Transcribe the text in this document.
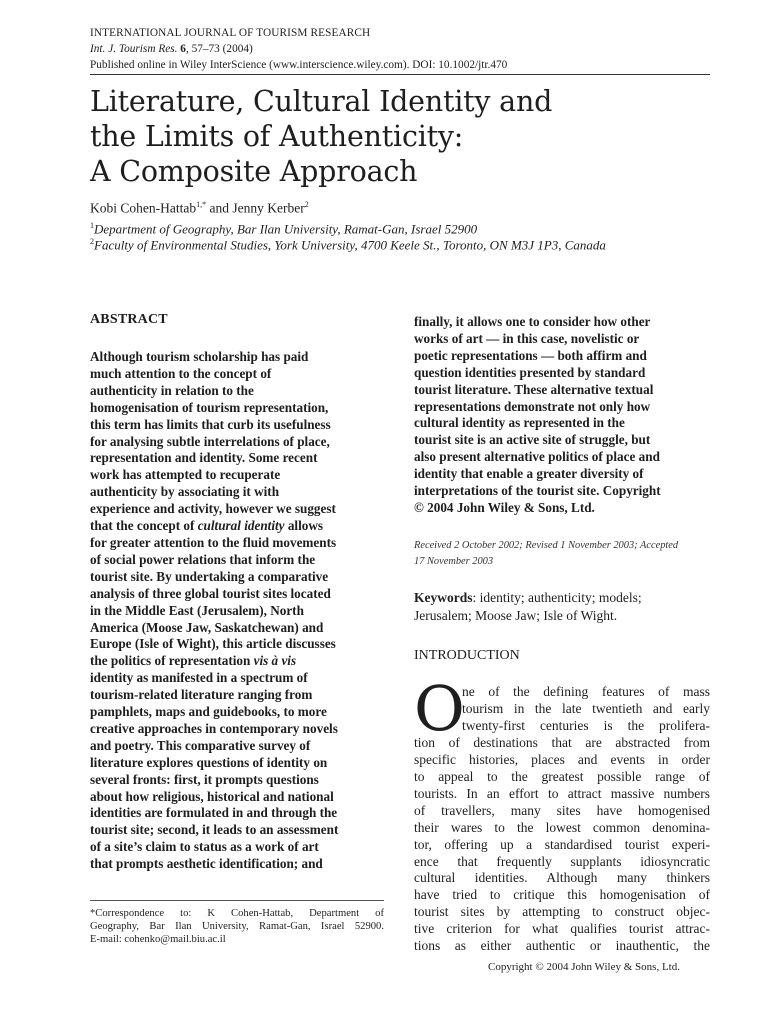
INTERNATIONAL JOURNAL OF TOURISM RESEARCH
Int. J. Tourism Res. 6, 57–73 (2004)
Published online in Wiley InterScience (www.interscience.wiley.com). DOI: 10.1002/jtr.470
Literature, Cultural Identity and
the Limits of Authenticity:
A Composite Approach
Kobi Cohen-Hattab$^{1,*}$ and Jenny Kerber$^2$
$^1$Department of Geography, Bar Ilan University, Ramat-Gan, Israel 52900
$^2$Faculty of Environmental Studies, York University, 4700 Keele St., Toronto, ON M3J 1P3, Canada
ABSTRACT
Although tourism scholarship has paid
much attention to the concept of
authenticity in relation to the
homogenisation of tourism representation,
this term has limits that curb its usefulness
for analysing subtle interrelations of place,
representation and identity. Some recent
work has attempted to recuperate
authenticity by associating it with
experience and activity, however we suggest
that the concept of cultural identity allows
for greater attention to the fluid movements
of social power relations that inform the
tourist site. By undertaking a comparative
analysis of three global tourist sites located
in the Middle East (Jerusalem), North
America (Moose Jaw, Saskatchewan) and
Europe (Isle of Wight), this article discusses
the politics of representation vis à vis
identity as manifested in a spectrum of
tourism-related literature ranging from
pamphlets, maps and guidebooks, to more
creative approaches in contemporary novels
and poetry. This comparative survey of
literature explores questions of identity on
several fronts: first, it prompts questions
about how religious, historical and national
identities are formulated in and through the
tourist site; second, it leads to an assessment
of a site’s claim to status as a work of art
that prompts aesthetic identification; and
finally, it allows one to consider how other
works of art — in this case, novelistic or
poetic representations — both affirm and
question identities presented by standard
tourist literature. These alternative textual
representations demonstrate not only how
cultural identity as represented in the
tourist site is an active site of struggle, but
also present alternative politics of place and
identity that enable a greater diversity of
interpretations of the tourist site. Copyright
© 2004 John Wiley & Sons, Ltd.
Received 2 October 2002; Revised 1 November 2003; Accepted
17 November 2003
Keywords: identity; authenticity; models;
Jerusalem; Moose Jaw; Isle of Wight.
INTRODUCTION
O
ne of the defining features of mass
tourism in the late twentieth and early
twenty-first centuries is the prolifera-
tion of destinations that are abstracted from
specific histories, places and events in order
to appeal to the greatest possible range of
tourists. In an effort to attract massive numbers
of travellers, many sites have homogenised
their wares to the lowest common denomina-
tor, offering up a standardised tourist experi-
ence that frequently supplants idiosyncratic
cultural identities. Although many thinkers
have tried to critique this homogenisation of
tourist sites by attempting to construct objec-
tive criterion for what qualifies tourist attrac-
tions as either authentic or inauthentic, the
*Correspondence to: K Cohen-Hattab, Department of
Geography, Bar Ilan University, Ramat-Gan, Israel 52900.
E-mail: cohenko@mail.biu.ac.il
Copyright © 2004 John Wiley & Sons, Ltd.
